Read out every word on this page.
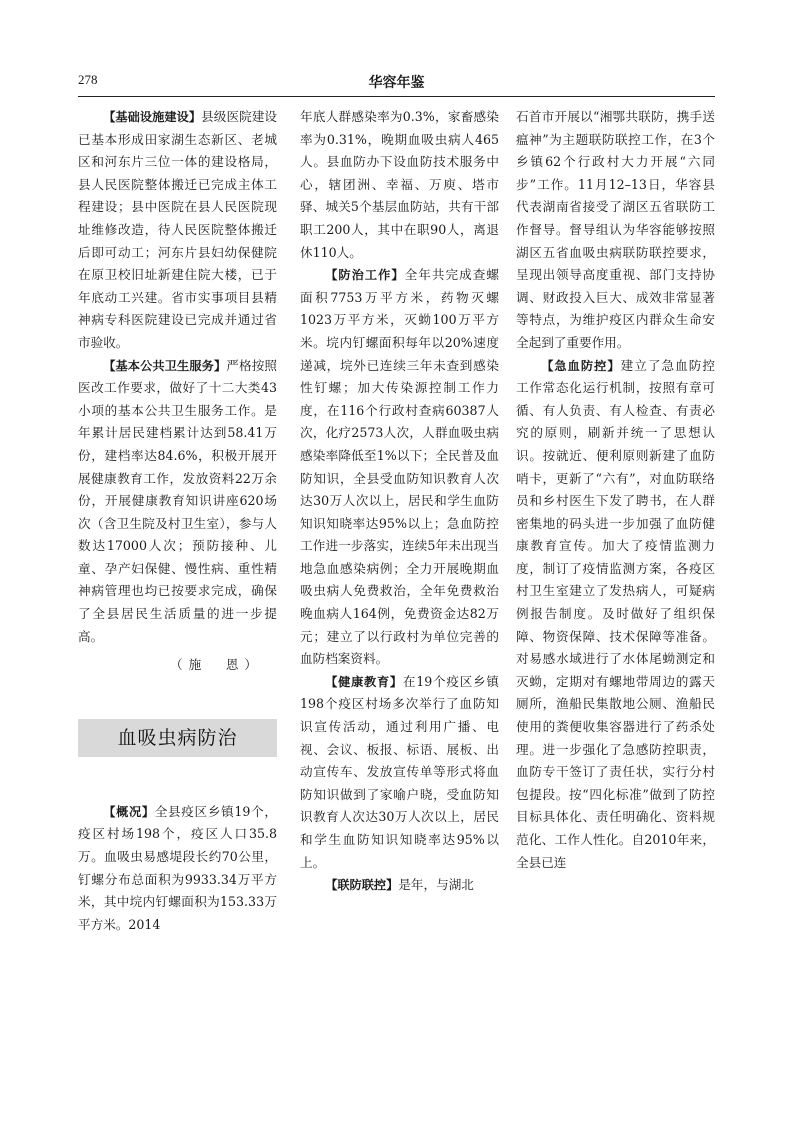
278	华容年鉴

【基础设施建设】县级医院建设已基本形成田家湖生态新区、老城区和河东片三位一体的建设格局，县人民医院整体搬迁已完成主体工程建设；县中医院在县人民医院现址维修改造，待人民医院整体搬迁后即可动工；河东片县妇幼保健院在原卫校旧址新建住院大楼，已于年底动工兴建。省市实事项目县精神病专科医院建设已完成并通过省市验收。

【基本公共卫生服务】严格按照医改工作要求，做好了十二大类43小项的基本公共卫生服务工作。是年累计居民建档累计达到58.41万份，建档率达84.6%，积极开展开展健康教育工作，发放资料22万余份，开展健康教育知识讲座620场次（含卫生院及村卫生室），参与人数达17000人次；预防接种、儿童、孕产妇保健、慢性病、重性精神病管理也均已按要求完成，确保了全县居民生活质量的进一步提高。

（施　恩）

血吸虫病防治

【概况】全县疫区乡镇19个，疫区村场198个，疫区人口35.8万。血吸虫易感堤段长约70公里，钉螺分布总面积为9933.34万平方米，其中垸内钉螺面积为153.33万平方米。2014

年底人群感染率为0.3%，家畜感染率为0.31%，晚期血吸虫病人465人。县血防办下设血防技术服务中心，辖团洲、幸福、万庾、塔市驿、城关5个基层血防站，共有干部职工200人，其中在职90人，离退休110人。

【防治工作】全年共完成查螺面积7753万平方米，药物灭螺1023万平方米，灭蚴100万平方米。垸内钉螺面积每年以20%速度递减，垸外已连续三年未查到感染性钉螺；加大传染源控制工作力度，在116个行政村查病60387人次，化疗2573人次，人群血吸虫病感染率降低至1%以下；全民普及血防知识，全县受血防知识教育人次达30万人次以上，居民和学生血防知识知晓率达95%以上；急血防控工作进一步落实，连续5年未出现当地急血感染病例；全力开展晚期血吸虫病人免费救治，全年免费救治晚血病人164例，免费资金达82万元；建立了以行政村为单位完善的血防档案资料。

【健康教育】在19个疫区乡镇198个疫区村场多次举行了血防知识宣传活动，通过利用广播、电视、会议、板报、标语、展板、出动宣传车、发放宣传单等形式将血防知识做到了家喻户晓，受血防知识教育人次达30万人次以上，居民和学生血防知识知晓率达95%以上。

【联防联控】是年，与湖北

石首市开展以“湘鄂共联防，携手送瘟神”为主题联防联控工作，在3个乡镇62个行政村大力开展“六同步”工作。11月12–13日，华容县代表湖南省接受了湖区五省联防工作督导。督导组认为华容能够按照湖区五省血吸虫病联防联控要求，呈现出领导高度重视、部门支持协调、财政投入巨大、成效非常显著等特点，为维护疫区内群众生命安全起到了重要作用。

【急血防控】建立了急血防控工作常态化运行机制，按照有章可循、有人负责、有人检查、有责必究的原则，刷新并统一了思想认识。按就近、便利原则新建了血防哨卡，更新了“六有”，对血防联络员和乡村医生下发了聘书，在人群密集地的码头进一步加强了血防健康教育宣传。加大了疫情监测力度，制订了疫情监测方案，各疫区村卫生室建立了发热病人，可疑病例报告制度。及时做好了组织保障、物资保障、技术保障等准备。对易感水域进行了水体尾蚴测定和灭蚴，定期对有螺地带周边的露天厕所，渔船民集散地公厕、渔船民使用的粪便收集容器进行了药杀处理。进一步强化了急感防控职责，血防专干签订了责任状，实行分村包提段。按“四化标准”做到了防控目标具体化、责任明确化、资料规范化、工作人性化。自2010年来，全县已连
